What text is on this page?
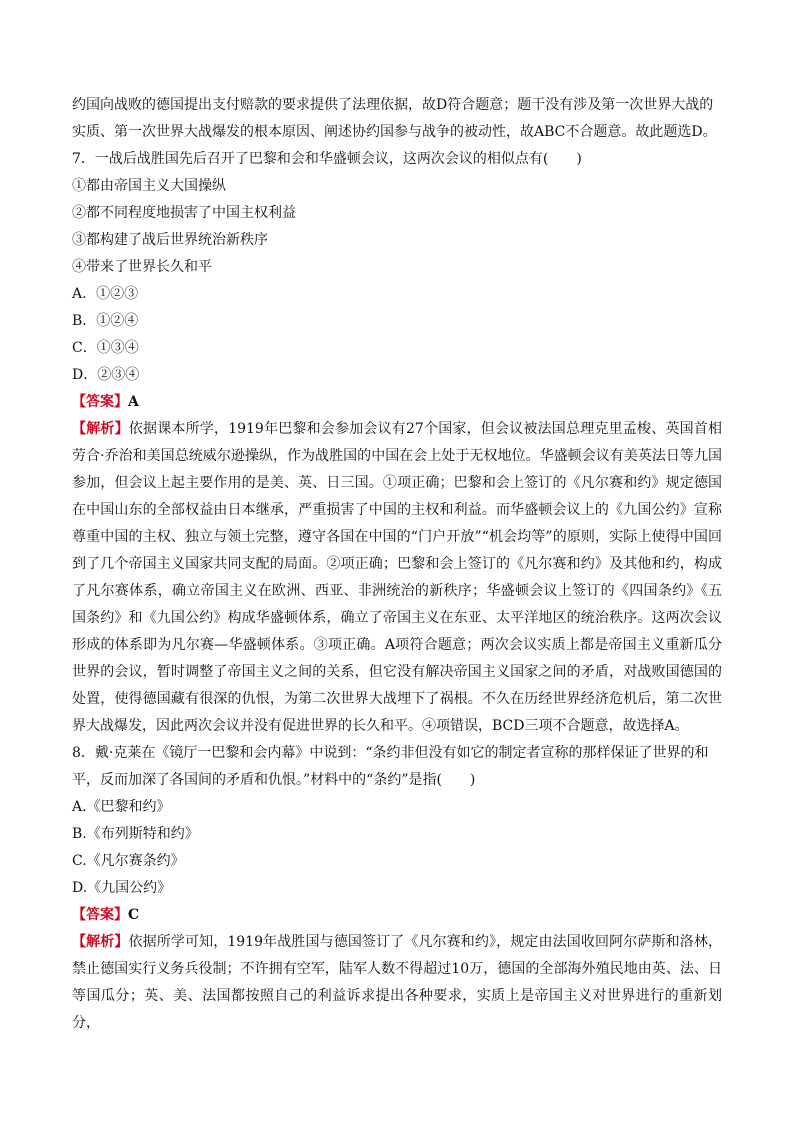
约国向战败的德国提出支付赔款的要求提供了法理依据，故D符合题意；题干没有涉及第一次世界大战的
实质、第一次世界大战爆发的根本原因、阐述协约国参与战争的被动性，故ABC不合题意。故此题选D。
7．一战后战胜国先后召开了巴黎和会和华盛顿会议，这两次会议的相似点有(　　)
①都由帝国主义大国操纵
②都不同程度地损害了中国主权利益
③都构建了战后世界统治新秩序
④带来了世界长久和平
A．①②③
B．①②④
C．①③④
D．②③④
【答案】A
【解析】依据课本所学，1919年巴黎和会参加会议有27个国家，但会议被法国总理克里孟梭、英国首相劳合·乔治和美国总统威尔逊操纵，作为战胜国的中国在会上处于无权地位。华盛顿会议有美英法日等九国参加，但会议上起主要作用的是美、英、日三国。①项正确；巴黎和会上签订的《凡尔赛和约》规定德国在中国山东的全部权益由日本继承，严重损害了中国的主权和利益。而华盛顿会议上的《九国公约》宣称尊重中国的主权、独立与领土完整，遵守各国在中国的“门户开放”“机会均等”的原则，实际上使得中国回到了几个帝国主义国家共同支配的局面。②项正确；巴黎和会上签订的《凡尔赛和约》及其他和约，构成了凡尔赛体系，确立帝国主义在欧洲、西亚、非洲统治的新秩序；华盛顿会议上签订的《四国条约》《五国条约》和《九国公约》构成华盛顿体系，确立了帝国主义在东亚、太平洋地区的统治秩序。这两次会议形成的体系即为凡尔赛—华盛顿体系。③项正确。A项符合题意；两次会议实质上都是帝国主义重新瓜分世界的会议，暂时调整了帝国主义之间的关系，但它没有解决帝国主义国家之间的矛盾，对战败国德国的处置，使得德国藏有很深的仇恨，为第二次世界大战埋下了祸根。不久在历经世界经济危机后，第二次世界大战爆发，因此两次会议并没有促进世界的长久和平。④项错误，BCD三项不合题意，故选择A。
8．戴·克莱在《镜厅一巴黎和会内幕》中说到：“条约非但没有如它的制定者宣称的那样保证了世界的和
平，反而加深了各国间的矛盾和仇恨。”材料中的“条约”是指(　　)
A.《巴黎和约》
B.《布列斯特和约》
C.《凡尔赛条约》
D.《九国公约》
【答案】C
【解析】依据所学可知，1919年战胜国与德国签订了《凡尔赛和约》，规定由法国收回阿尔萨斯和洛林，禁止德国实行义务兵役制；不许拥有空军，陆军人数不得超过10万，德国的全部海外殖民地由英、法、日等国瓜分；英、美、法国都按照自己的利益诉求提出各种要求，实质上是帝国主义对世界进行的重新划分，
